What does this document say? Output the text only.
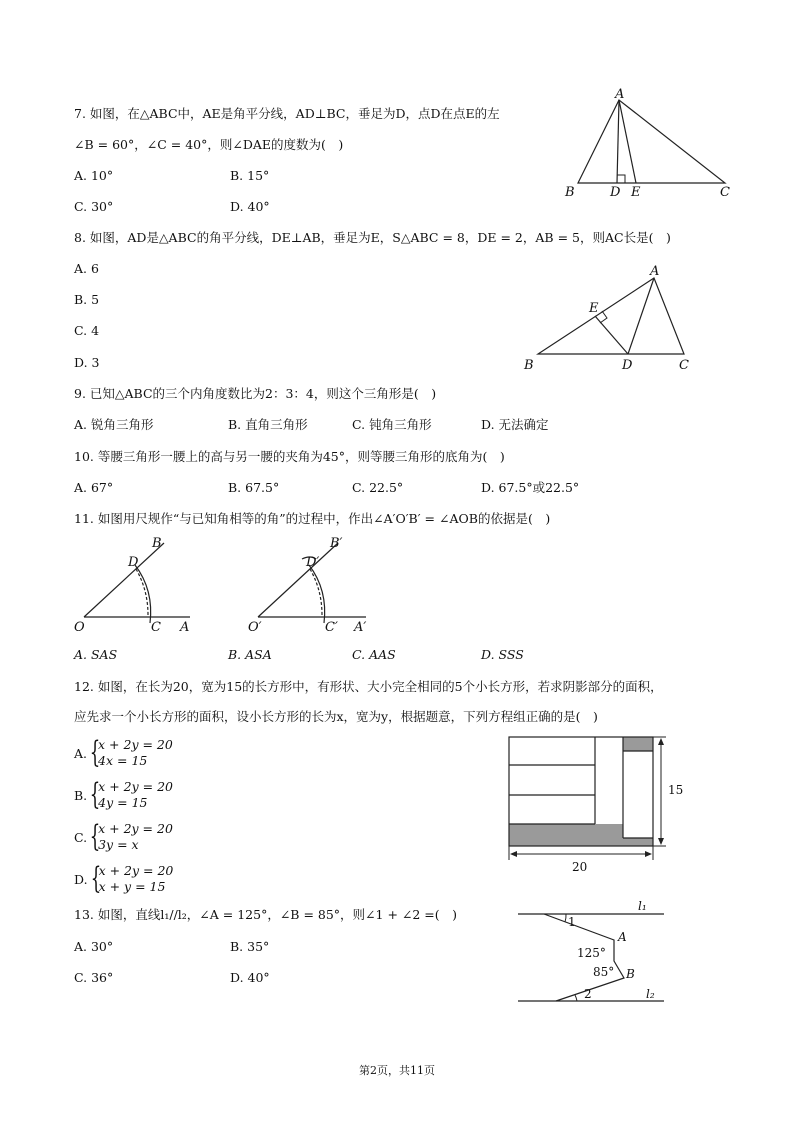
7. 如图，在△ABC中，AE是角平分线，AD⊥BC，垂足为D，点D在点E的左
∠B = 60°，∠C = 40°，则∠DAE的度数为(　)
A. 10°	B. 15°
C. 30°	D. 40°
A
B	D E	C
8. 如图，AD是△ABC的角平分线，DE⊥AB，垂足为E，S△ABC = 8，DE = 2，AB = 5，则AC长是(　)
A. 6
B. 5
C. 4
D. 3
A
E
B	D	C
9. 已知△ABC的三个内角度数比为2：3：4，则这个三角形是(　)
A. 锐角三角形	B. 直角三角形	C. 钝角三角形	D. 无法确定
10. 等腰三角形一腰上的高与另一腰的夹角为45°，则等腰三角形的底角为(　)
A. 67°	B. 67.5°	C. 22.5°	D. 67.5°或22.5°
11. 如图用尺规作“与已知角相等的角”的过程中，作出∠A′O′B′ = ∠AOB的依据是(　)
B
D
O	C A
B′
D′
O′	C′ A′
A. SAS	B. ASA	C. AAS	D. SSS
12. 如图，在长为20，宽为15的长方形中，有形状、大小完全相同的5个小长方形，若求阴影部分的面积，
应先求一个小长方形的面积，设小长方形的长为x，宽为y，根据题意，下列方程组正确的是(　)
A. {
x + 2y = 20
4x = 15
B. {
x + 2y = 20
4y = 15
C. {
x + 2y = 20
3y = x
D. {
x + 2y = 20
x + y = 15
15
20
13. 如图，直线l₁//l₂，∠A = 125°，∠B = 85°，则∠1 + ∠2 =(　)
A. 30°	B. 35°
C. 36°	D. 40°
l₁
1
125°
A
85° B
2	l₂
第2页，共11页
